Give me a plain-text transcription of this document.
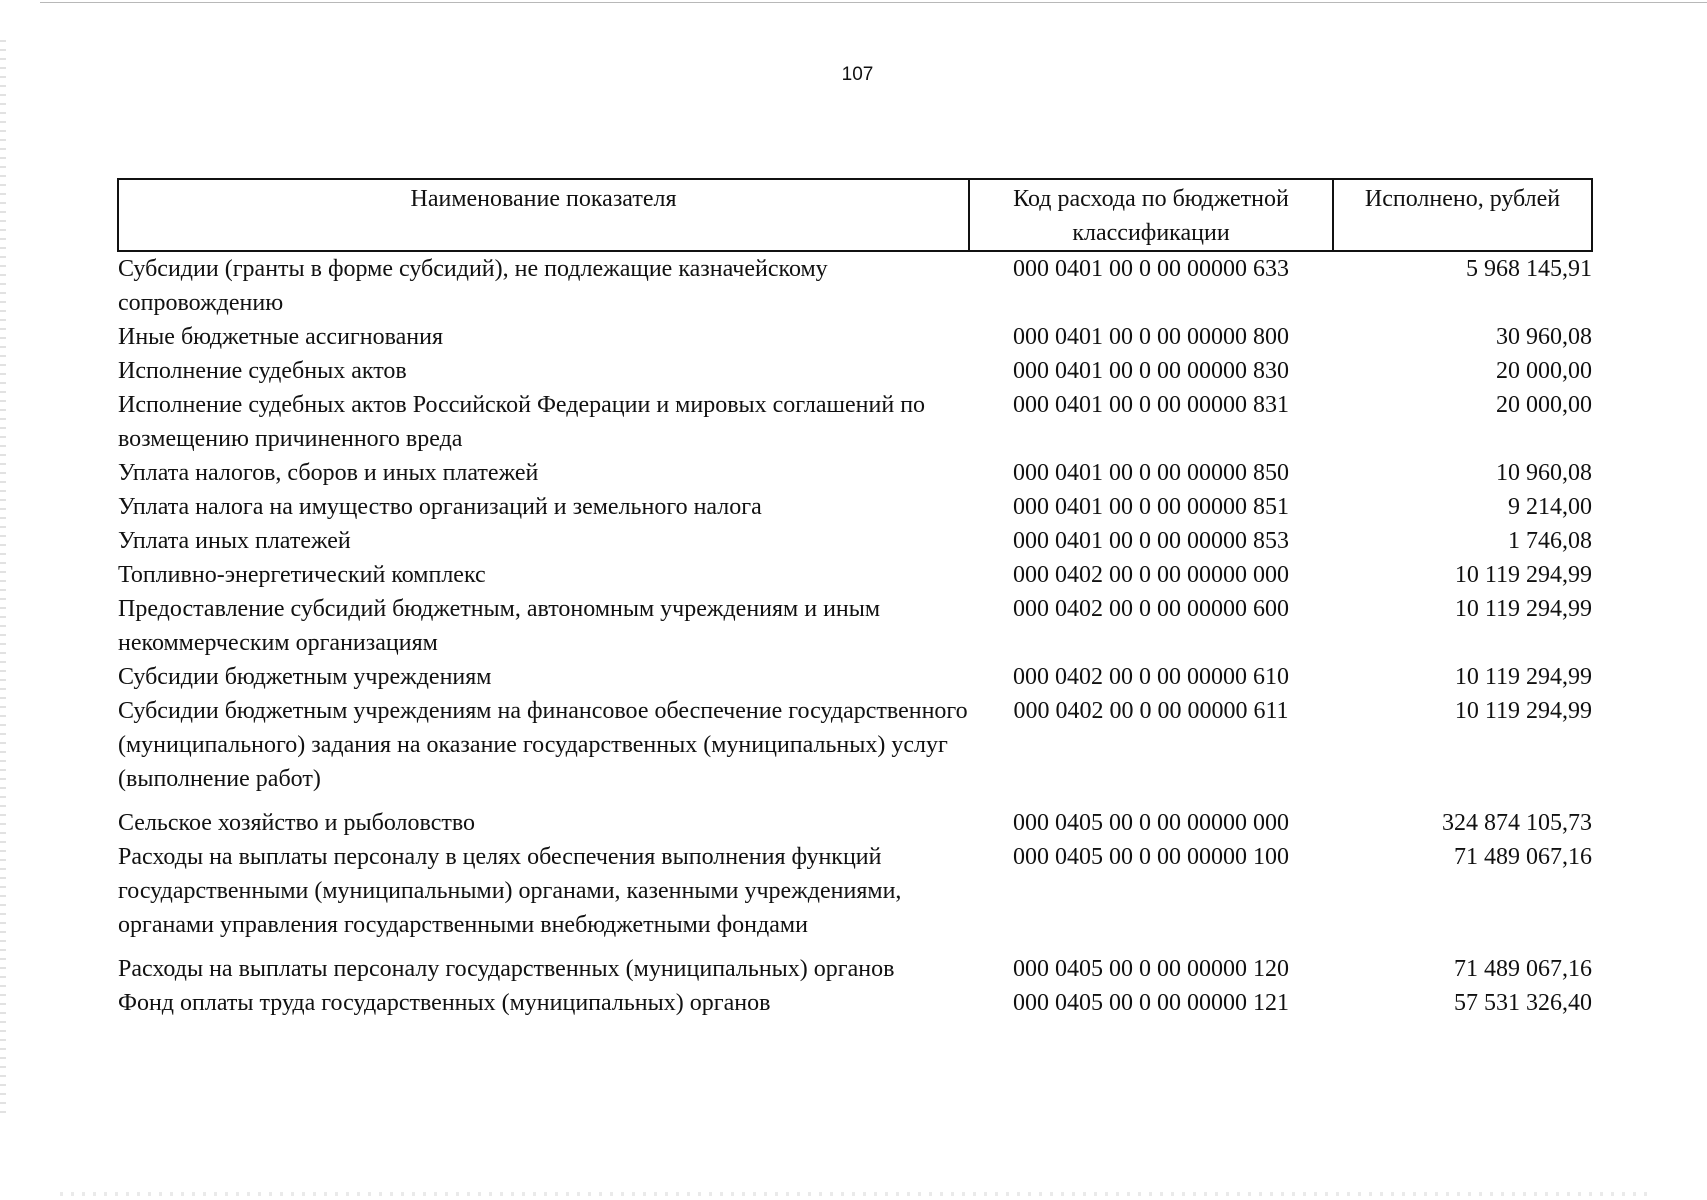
107
Наименование показателя	Код расхода по бюджетной классификации	Исполнено, рублей
Субсидии (гранты в форме субсидий), не подлежащие казначейскому сопровождению	000 0401 00 0 00 00000 633	5 968 145,91
Иные бюджетные ассигнования	000 0401 00 0 00 00000 800	30 960,08
Исполнение судебных актов	000 0401 00 0 00 00000 830	20 000,00
Исполнение судебных актов Российской Федерации и мировых соглашений по возмещению причиненного вреда	000 0401 00 0 00 00000 831	20 000,00
Уплата налогов, сборов и иных платежей	000 0401 00 0 00 00000 850	10 960,08
Уплата налога на имущество организаций и земельного налога	000 0401 00 0 00 00000 851	9 214,00
Уплата иных платежей	000 0401 00 0 00 00000 853	1 746,08
Топливно-энергетический комплекс	000 0402 00 0 00 00000 000	10 119 294,99
Предоставление субсидий бюджетным, автономным учреждениям и иным некоммерческим организациям	000 0402 00 0 00 00000 600	10 119 294,99
Субсидии бюджетным учреждениям	000 0402 00 0 00 00000 610	10 119 294,99
Субсидии бюджетным учреждениям на финансовое обеспечение государственного (муниципального) задания на оказание государственных (муниципальных) услуг (выполнение работ)	000 0402 00 0 00 00000 611	10 119 294,99
Сельское хозяйство и рыболовство	000 0405 00 0 00 00000 000	324 874 105,73
Расходы на выплаты персоналу в целях обеспечения выполнения функций государственными (муниципальными) органами, казенными учреждениями, органами управления государственными внебюджетными фондами	000 0405 00 0 00 00000 100	71 489 067,16
Расходы на выплаты персоналу государственных (муниципальных) органов	000 0405 00 0 00 00000 120	71 489 067,16
Фонд оплаты труда государственных (муниципальных) органов	000 0405 00 0 00 00000 121	57 531 326,40
